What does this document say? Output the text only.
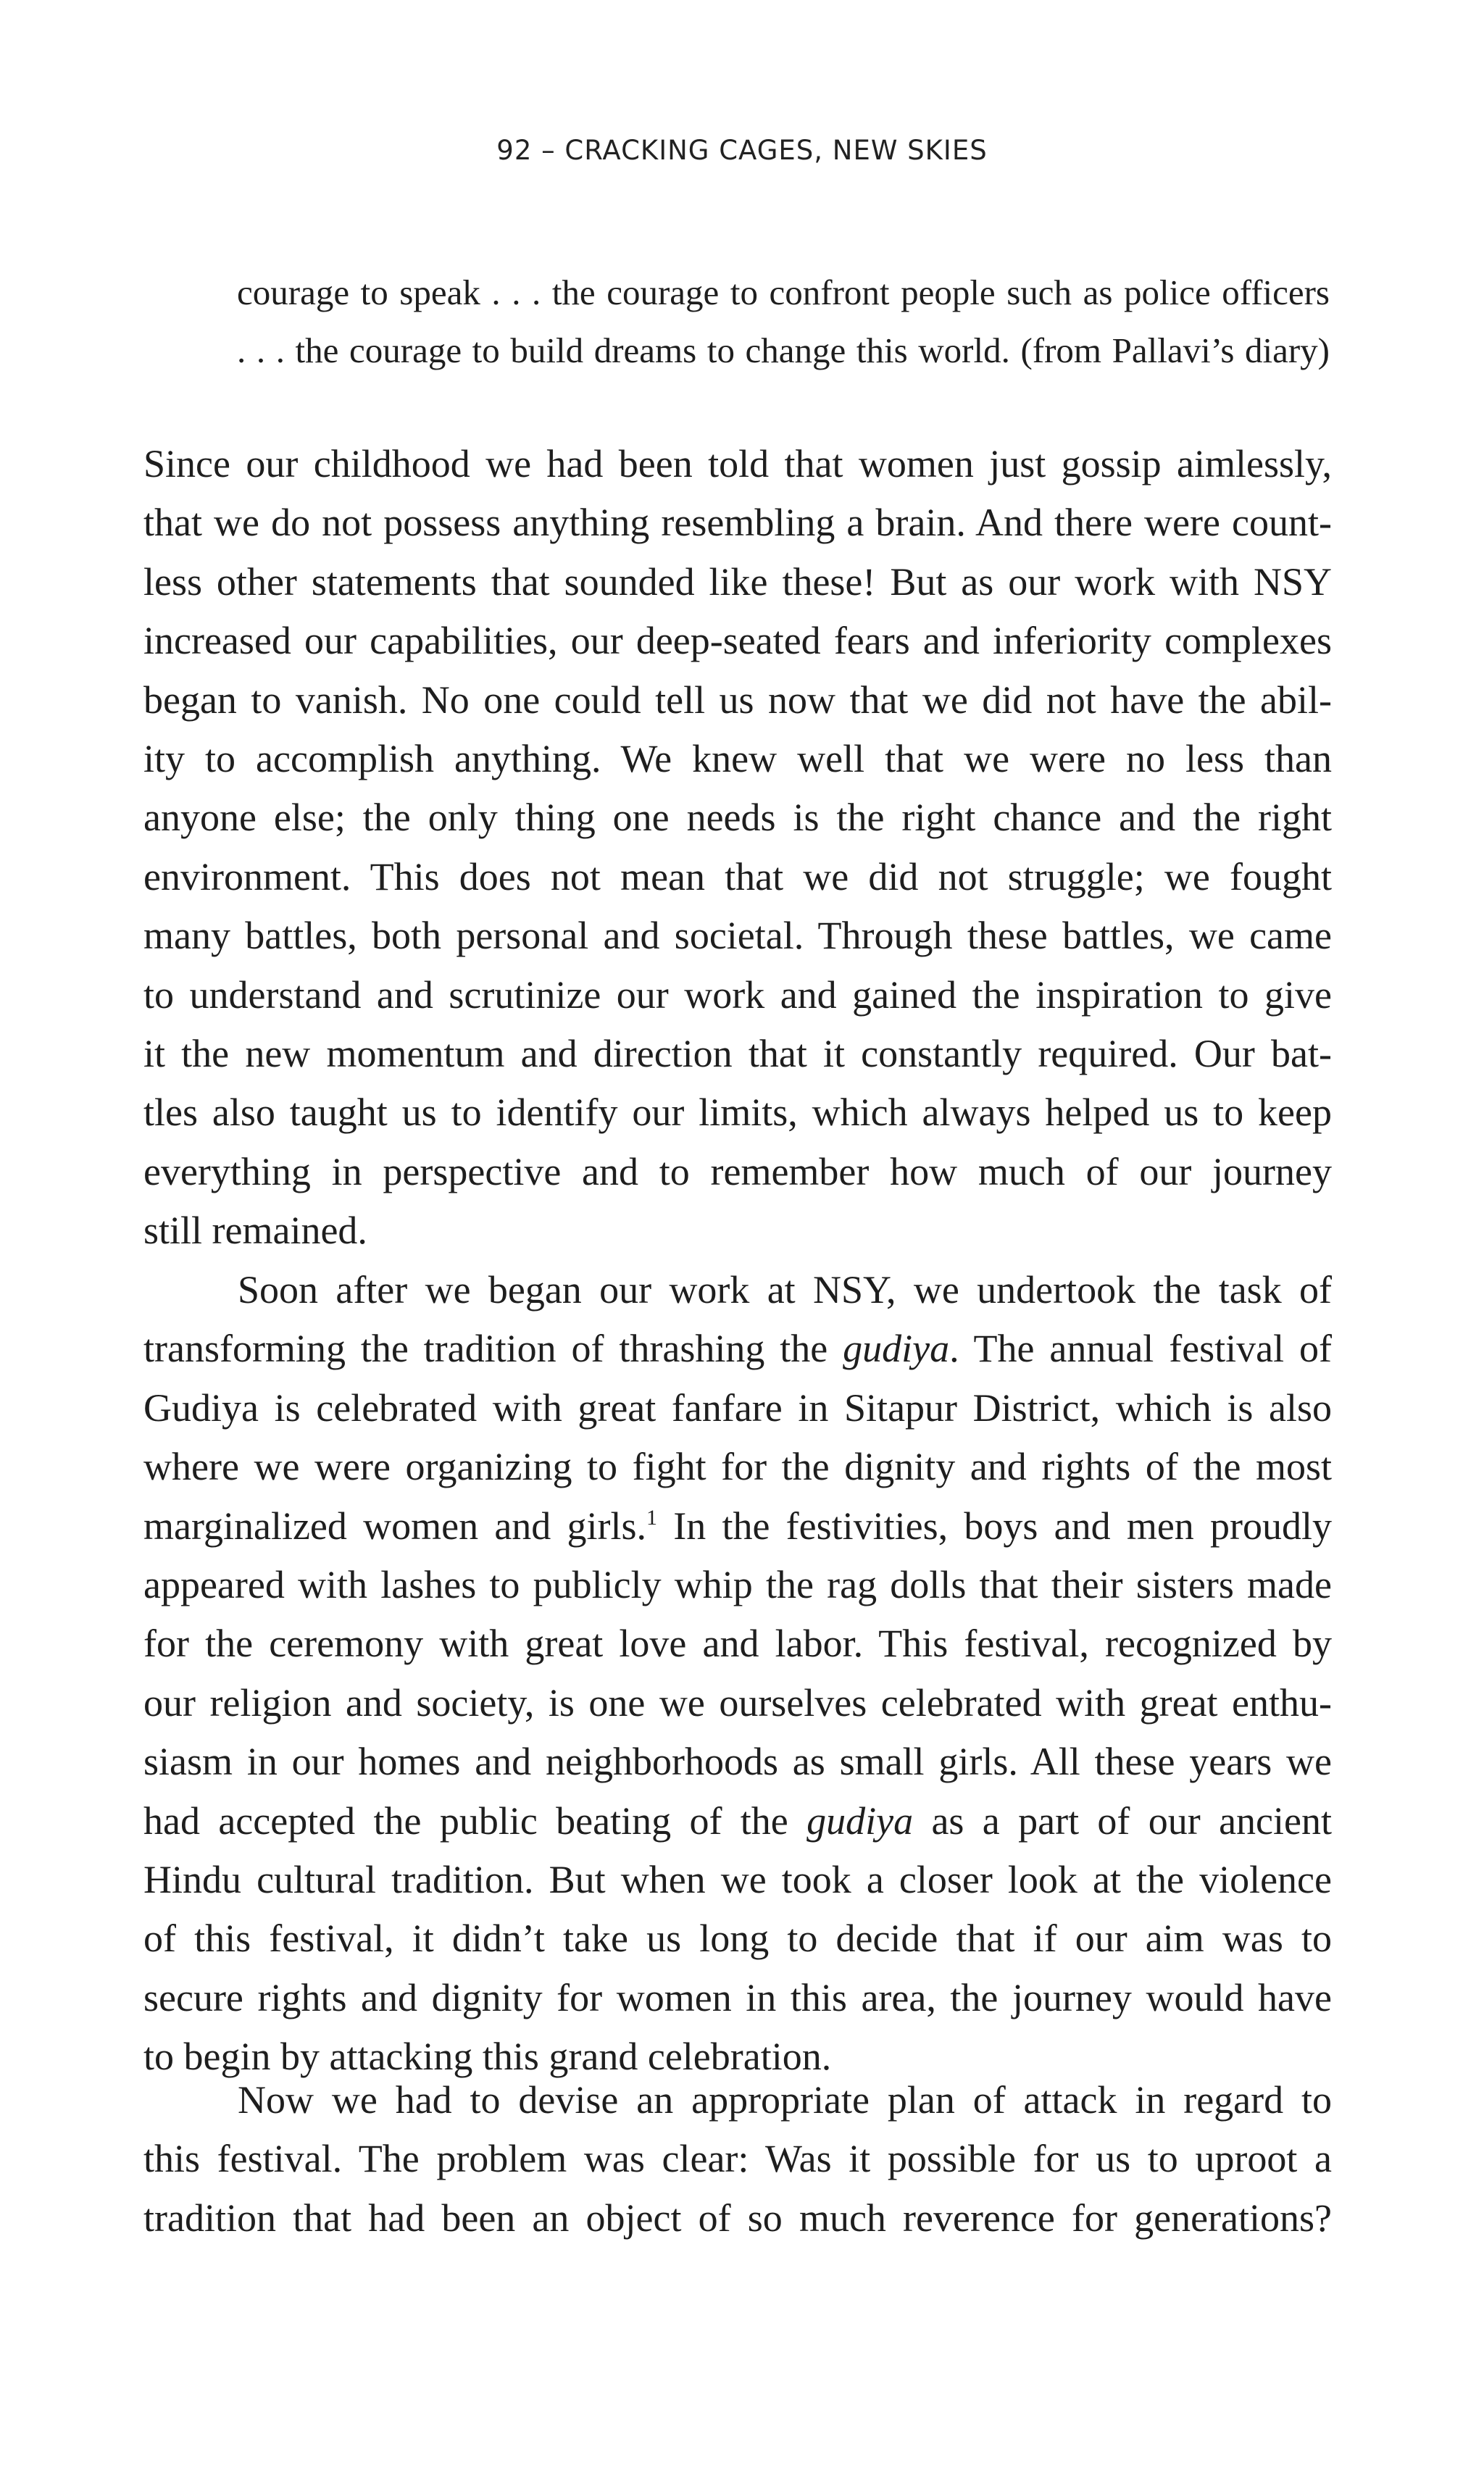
92 – CRACKING CAGES, NEW SKIES
courage to speak . . . the courage to confront people such as police officers
. . . the courage to build dreams to change this world. (from Pallavi’s diary)
Since our childhood we had been told that women just gossip aimlessly,
that we do not possess anything resembling a brain. And there were count-
less other statements that sounded like these! But as our work with NSY
increased our capabilities, our deep-seated fears and inferiority complexes
began to vanish. No one could tell us now that we did not have the abil-
ity to accomplish anything. We knew well that we were no less than
anyone else; the only thing one needs is the right chance and the right
environment. This does not mean that we did not struggle; we fought
many battles, both personal and societal. Through these battles, we came
to understand and scrutinize our work and gained the inspiration to give
it the new momentum and direction that it constantly required. Our bat-
tles also taught us to identify our limits, which always helped us to keep
everything in perspective and to remember how much of our journey
still remained.
Soon after we began our work at NSY, we undertook the task of
transforming the tradition of thrashing the gudiya. The annual festival of
Gudiya is celebrated with great fanfare in Sitapur District, which is also
where we were organizing to fight for the dignity and rights of the most
marginalized women and girls.$^1$ In the festivities, boys and men proudly
appeared with lashes to publicly whip the rag dolls that their sisters made
for the ceremony with great love and labor. This festival, recognized by
our religion and society, is one we ourselves celebrated with great enthu-
siasm in our homes and neighborhoods as small girls. All these years we
had accepted the public beating of the gudiya as a part of our ancient
Hindu cultural tradition. But when we took a closer look at the violence
of this festival, it didn’t take us long to decide that if our aim was to
secure rights and dignity for women in this area, the journey would have
to begin by attacking this grand celebration.
Now we had to devise an appropriate plan of attack in regard to
this festival. The problem was clear: Was it possible for us to uproot a
tradition that had been an object of so much reverence for generations?
